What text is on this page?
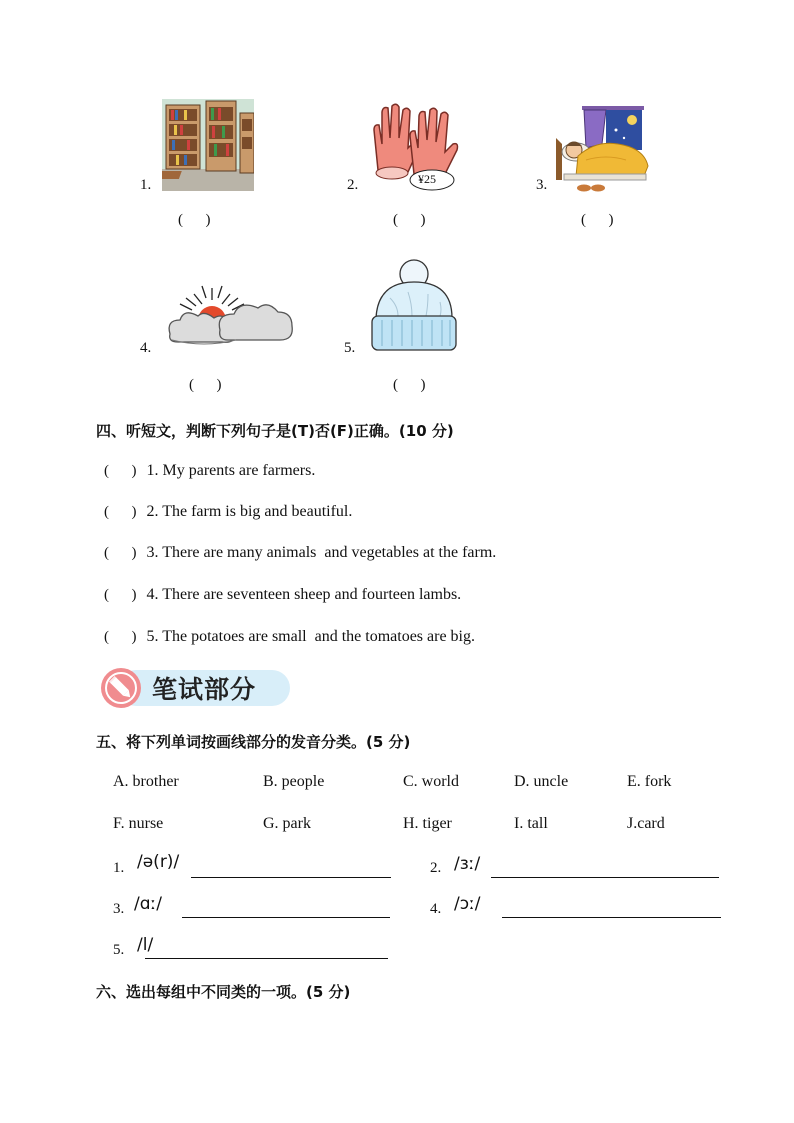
1.
(      )
2.	¥25
(      )
3.
(      )
4.
(      )
5.
(      )
四、听短文，判断下列句子是(T)否(F)正确。(10 分)
(      ) 1. My parents are farmers.
(      ) 2. The farm is big and beautiful.
(      ) 3. There are many animals  and vegetables at the farm.
(      ) 4. There are seventeen sheep and fourteen lambs.
(      ) 5. The potatoes are small  and the tomatoes are big.
笔试部分
五、将下列单词按画线部分的发音分类。(5 分)
A. brother	B. people	C. world	D. uncle	E. fork
F. nurse	G. park	H. tiger	I. tall	J.card
1. /ə(r)/	2. /ɜː/
3. /ɑː/	4. /ɔː/
5. /l/
六、选出每组中不同类的一项。(5 分)
